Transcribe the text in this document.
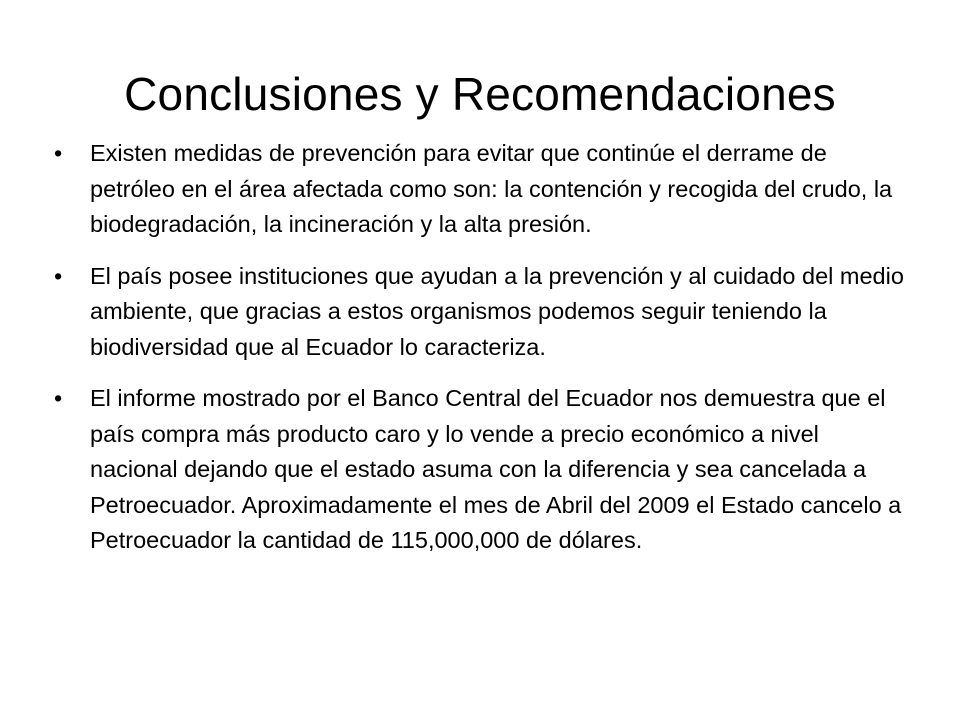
Conclusiones y Recomendaciones
• Existen medidas de prevención para evitar que continúe el derrame de petróleo en el área afectada como son: la contención y recogida del crudo, la biodegradación, la incineración y la alta presión.
• El país posee instituciones que ayudan a la prevención y al cuidado del medio ambiente, que gracias a estos organismos podemos seguir teniendo la biodiversidad que al Ecuador lo caracteriza.
• El informe mostrado por el Banco Central del Ecuador nos demuestra que el país compra más producto caro y lo vende a precio económico a nivel nacional dejando que el estado asuma con la diferencia y sea cancelada a Petroecuador. Aproximadamente el mes de Abril del 2009 el Estado cancelo a Petroecuador la cantidad de 115,000,000 de dólares.
